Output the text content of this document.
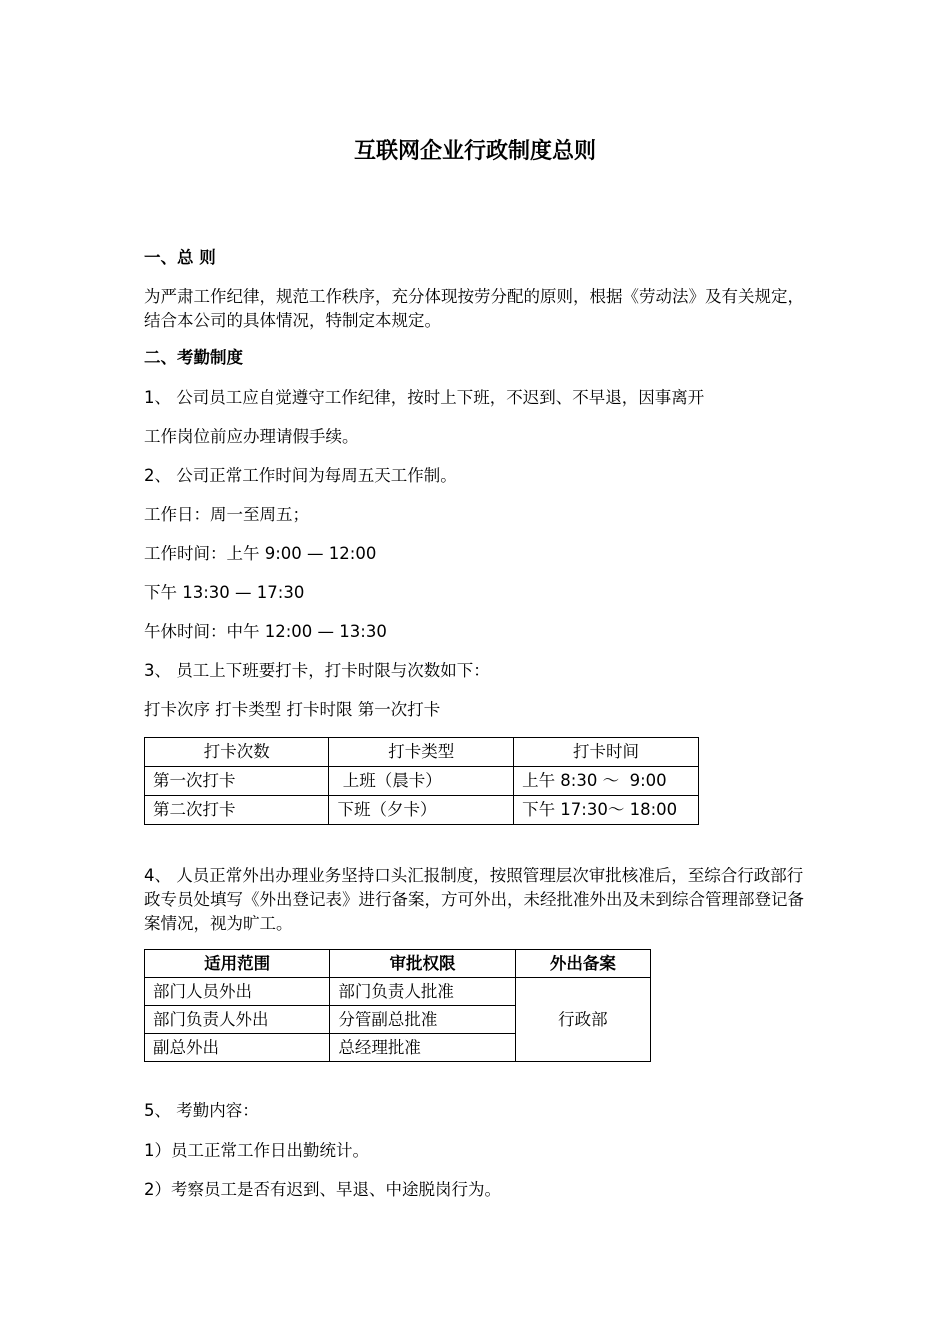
互联网企业行政制度总则

一、总 则

为严肃工作纪律，规范工作秩序，充分体现按劳分配的原则，根据《劳动法》及有关规定，结合本公司的具体情况，特制定本规定。

二、考勤制度

1、 公司员工应自觉遵守工作纪律，按时上下班，不迟到、不早退，因事离开

工作岗位前应办理请假手续。

2、 公司正常工作时间为每周五天工作制。

工作日：周一至周五；

工作时间：上午 9:00 — 12:00

下午 13:30 — 17:30

午休时间：中午 12:00 — 13:30

3、 员工上下班要打卡，打卡时限与次数如下：

打卡次序 打卡类型 打卡时限 第一次打卡

打卡次数	打卡类型	打卡时间
第一次打卡	上班（晨卡）	上午 8:30 ～  9:00
第二次打卡	下班（夕卡）	下午 17:30～ 18:00

4、 人员正常外出办理业务坚持口头汇报制度，按照管理层次审批核准后，至综合行政部行政专员处填写《外出登记表》进行备案，方可外出，未经批准外出及未到综合管理部登记备案情况，视为旷工。

适用范围	审批权限	外出备案
部门人员外出	部门负责人批准	行政部
部门负责人外出	分管副总批准	
副总外出	总经理批准	

5、 考勤内容：

1）员工正常工作日出勤统计。

2）考察员工是否有迟到、早退、中途脱岗行为。
